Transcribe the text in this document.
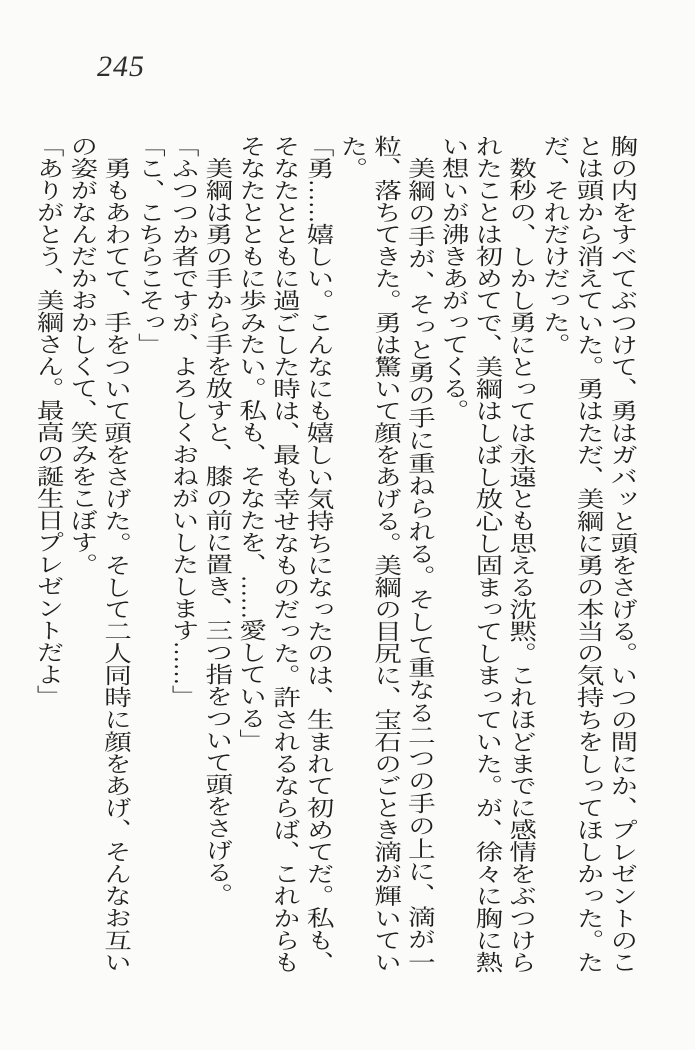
245

胸の内をすべてぶつけて、勇はガバッと頭をさげる。いつの間にか、プレゼントのことは頭から消えていた。勇はただ、美綱に勇の本当の気持ちをしってほしかった。ただ、それだけだった。

数秒の、しかし勇にとっては永遠とも思える沈黙。これほどまでに感情をぶつけられたことは初めてで、美綱はしばし放心し固まってしまっていた。が、徐々に胸に熱い想いが沸きあがってくる。

美綱の手が、そっと勇の手に重ねられる。そして重なる二つの手の上に、滴が一粒、落ちてきた。勇は驚いて顔をあげる。美綱の目尻に、宝石のごとき滴が輝いていた。

「勇……嬉しい。こんなにも嬉しい気持ちになったのは、生まれて初めてだ。私も、そなたとともに過ごした時は、最も幸せなものだった。許されるならば、これからもそなたとともに歩みたい。私も、そなたを、……愛している」

美綱は勇の手から手を放すと、膝の前に置き、三つ指をついて頭をさげる。

「ふつつか者ですが、よろしくおねがいしたします……」

「こ、こちらこそっ」

勇もあわてて、手をついて頭をさげた。そして二人同時に顔をあげ、そんなお互いの姿がなんだかおかしくて、笑みをこぼす。

「ありがとう、美綱さん。最高の誕生日プレゼントだよ」
